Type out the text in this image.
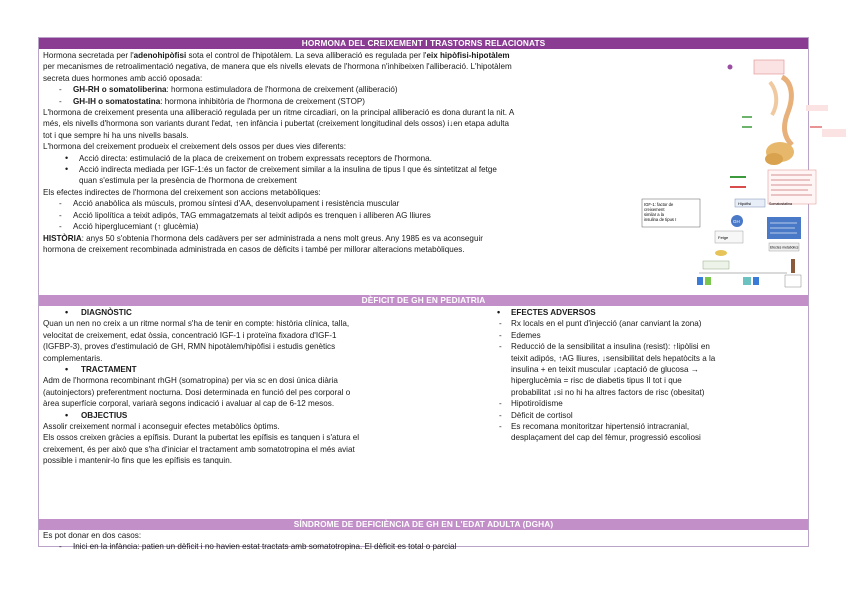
HORMONA DEL CREIXEMENT I TRASTORNS RELACIONATS

Hormona secretada per l'adenohipòfisi sota el control de l'hipotàlem. La seva alliberació es regulada per l'eix hipòfisi-hipotàlem

per mecanismes de retroalimentació negativa, de manera que els nivells elevats de l'hormona n'inhibeixen l'alliberació. L'hipotàlem

secreta dues hormones amb acció oposada:

- GH-RH o somatoliberina: hormona estimuladora de l'hormona de creixement (alliberació)

- GH-IH o somatostatina: hormona inhibitòria de l'hormona de creixement (STOP)

L'hormona de creixement presenta una alliberació regulada per un ritme circadiari, on la principal alliberació es dona durant la nit. A

més, els nivells d'hormona son variants durant l'edat, ↑en infància i pubertat (creixement longitudinal dels ossos) i↓en etapa adulta

tot i que sempre hi ha uns nivells basals.

L'hormona del creixement produeix el creixement dels ossos per dues vies diferents:

• Acció directa: estimulació de la placa de creixement on trobem expressats receptors de l'hormona.

• Acció indirecta mediada per IGF-1:és un factor de creixement similar a la insulina de tipus I que és sintetitzat al fetge

quan s'estimula per la presència de l'hormona de creixement

Els efectes indirectes de l'hormona del creixement son accions metabòliques:

- Acció anabòlica als músculs, promou síntesi d'AA, desenvolupament i resistència muscular

- Acció lipolítica a teixit adipós, TAG emmagatzemats al teixit adipós es trenquen i alliberen AG lliures

- Acció hiperglucemiant (↑ glucèmia)

HISTÒRIA: anys 50 s'obtenia l'hormona dels cadàvers per ser administrada a nens molt greus. Any 1985 es va aconseguir

hormona de creixement recombinada administrada en casos de dèficits i també per millorar alteracions metabòliques.

IGF-1: factor de creixement similar a la insulina de tipus I
Hipòfisi	Somatostatina
GH
Fetge
Efectes metabòlics
DÈFICIT DE GH EN PEDIATRIA
• DIAGNÒSTIC

Quan un nen no creix a un ritme normal s'ha de tenir en compte: història clínica, talla,

velocitat de creixement, edat òssia, concentració IGF-1 i proteïna fixadora d'IGF-1

(IGFBP-3), proves d'estimulació de GH, RMN hipotàlem/hipòfisi i estudis genètics

complementaris.

• TRACTAMENT

Adm de l'hormona recombinant rhGH (somatropina) per via sc en dosi única diària

(autoinjectors) preferentment nocturna. Dosi determinada en funció del pes corporal o

àrea superfície corporal, variarà segons indicació i avaluar al cap de 6-12 mesos.

• OBJECTIUS

Assolir creixement normal i aconseguir efectes metabòlics òptims.

Els ossos creixen gràcies a epífisis. Durant la pubertat les epífisis es tanquen i s'atura el

creixement, és per això que s'ha d'iniciar el tractament amb somatotropina el més aviat

possible i mantenir-lo fins que les epífisis es tanquin.

• EFECTES ADVERSOS

- Rx locals en el punt d'injecció (anar canviant la zona)

- Edemes

- Reducció de la sensibilitat a insulina (resist): ↑lipòlisi en

teixit adipós, ↑AG lliures, ↓sensibilitat dels hepatòcits a la

insulina + en teixit muscular ↓captació de glucosa →

hiperglucèmia = risc de diabetis tipus II tot i que

probabilitat ↓si no hi ha altres factors de risc (obesitat)

- Hipotiroïdisme

- Dèficit de cortisol

- Es recomana monitoritzar hipertensió intracranial,

desplaçament del cap del fèmur, progressió escoliosi

SÍNDROME DE DEFICIÈNCIA DE GH EN L'EDAT ADULTA (DGHA)

Es pot donar en dos casos:

- Inici en la infància: patien un dèficit i no havien estat tractats amb somatotropina. El dèficit es total o parcial
